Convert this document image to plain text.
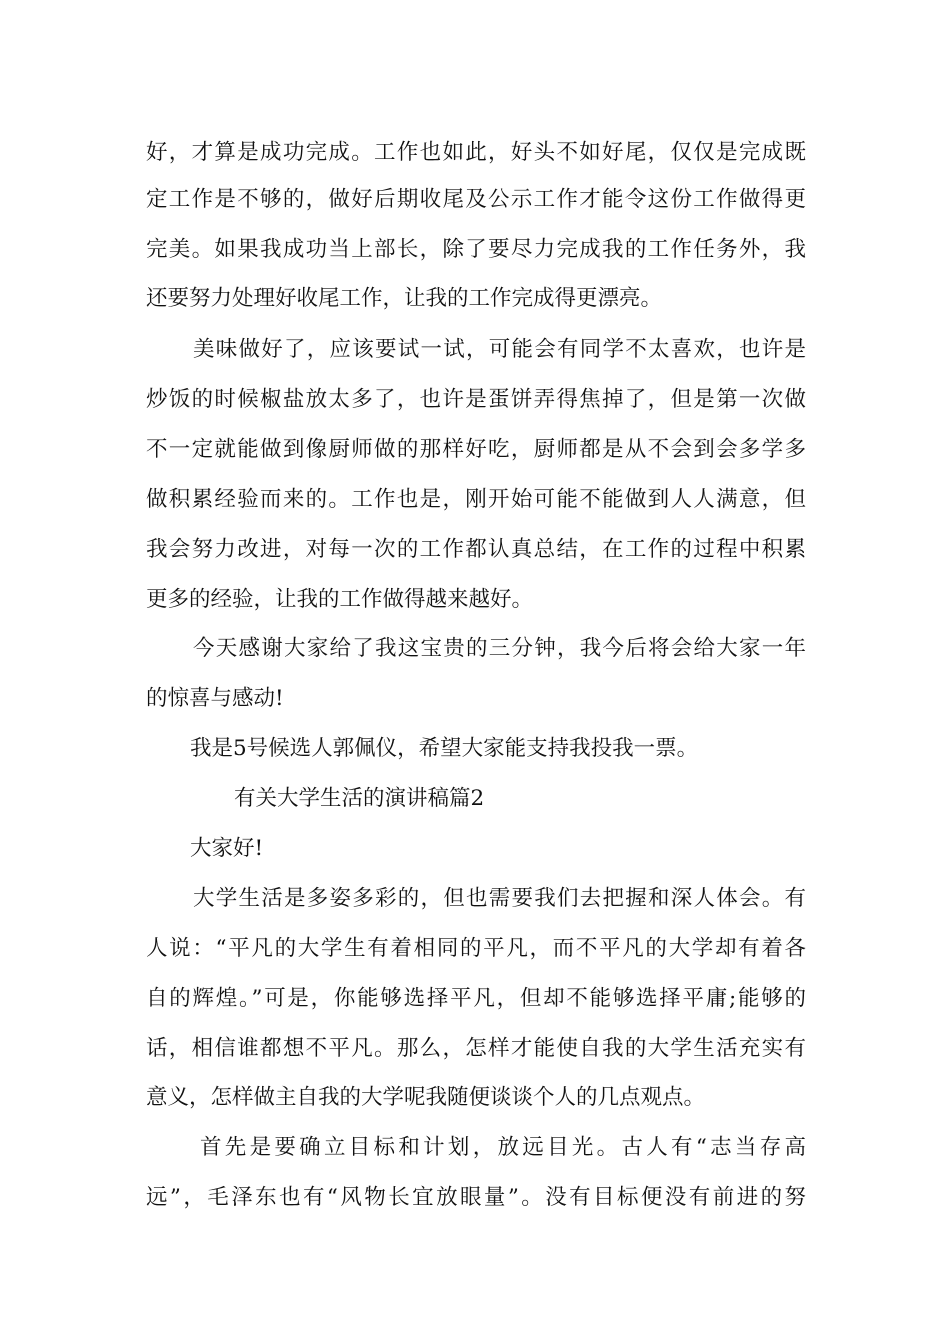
好，才算是成功完成。工作也如此，好头不如好尾，仅仅是完成既
定工作是不够的，做好后期收尾及公示工作才能令这份工作做得更
完美。如果我成功当上部长，除了要尽力完成我的工作任务外，我
还要努力处理好收尾工作，让我的工作完成得更漂亮。
美味做好了，应该要试一试，可能会有同学不太喜欢，也许是
炒饭的时候椒盐放太多了，也许是蛋饼弄得焦掉了，但是第一次做
不一定就能做到像厨师做的那样好吃，厨师都是从不会到会多学多
做积累经验而来的。工作也是，刚开始可能不能做到人人满意，但
我会努力改进，对每一次的工作都认真总结，在工作的过程中积累
更多的经验，让我的工作做得越来越好。
今天感谢大家给了我这宝贵的三分钟，我今后将会给大家一年
的惊喜与感动!
我是5号候选人郭佩仪，希望大家能支持我投我一票。
有关大学生活的演讲稿篇2
大家好!
大学生活是多姿多彩的，但也需要我们去把握和深人体会。有
人说：“平凡的大学生有着相同的平凡，而不平凡的大学却有着各
自的辉煌。”可是，你能够选择平凡，但却不能够选择平庸;能够的
话，相信谁都想不平凡。那么，怎样才能使自我的大学生活充实有
意义，怎样做主自我的大学呢我随便谈谈个人的几点观点。
首先是要确立目标和计划，放远目光。古人有“志当存高
远”，毛泽东也有“风物长宜放眼量”。没有目标便没有前进的努
